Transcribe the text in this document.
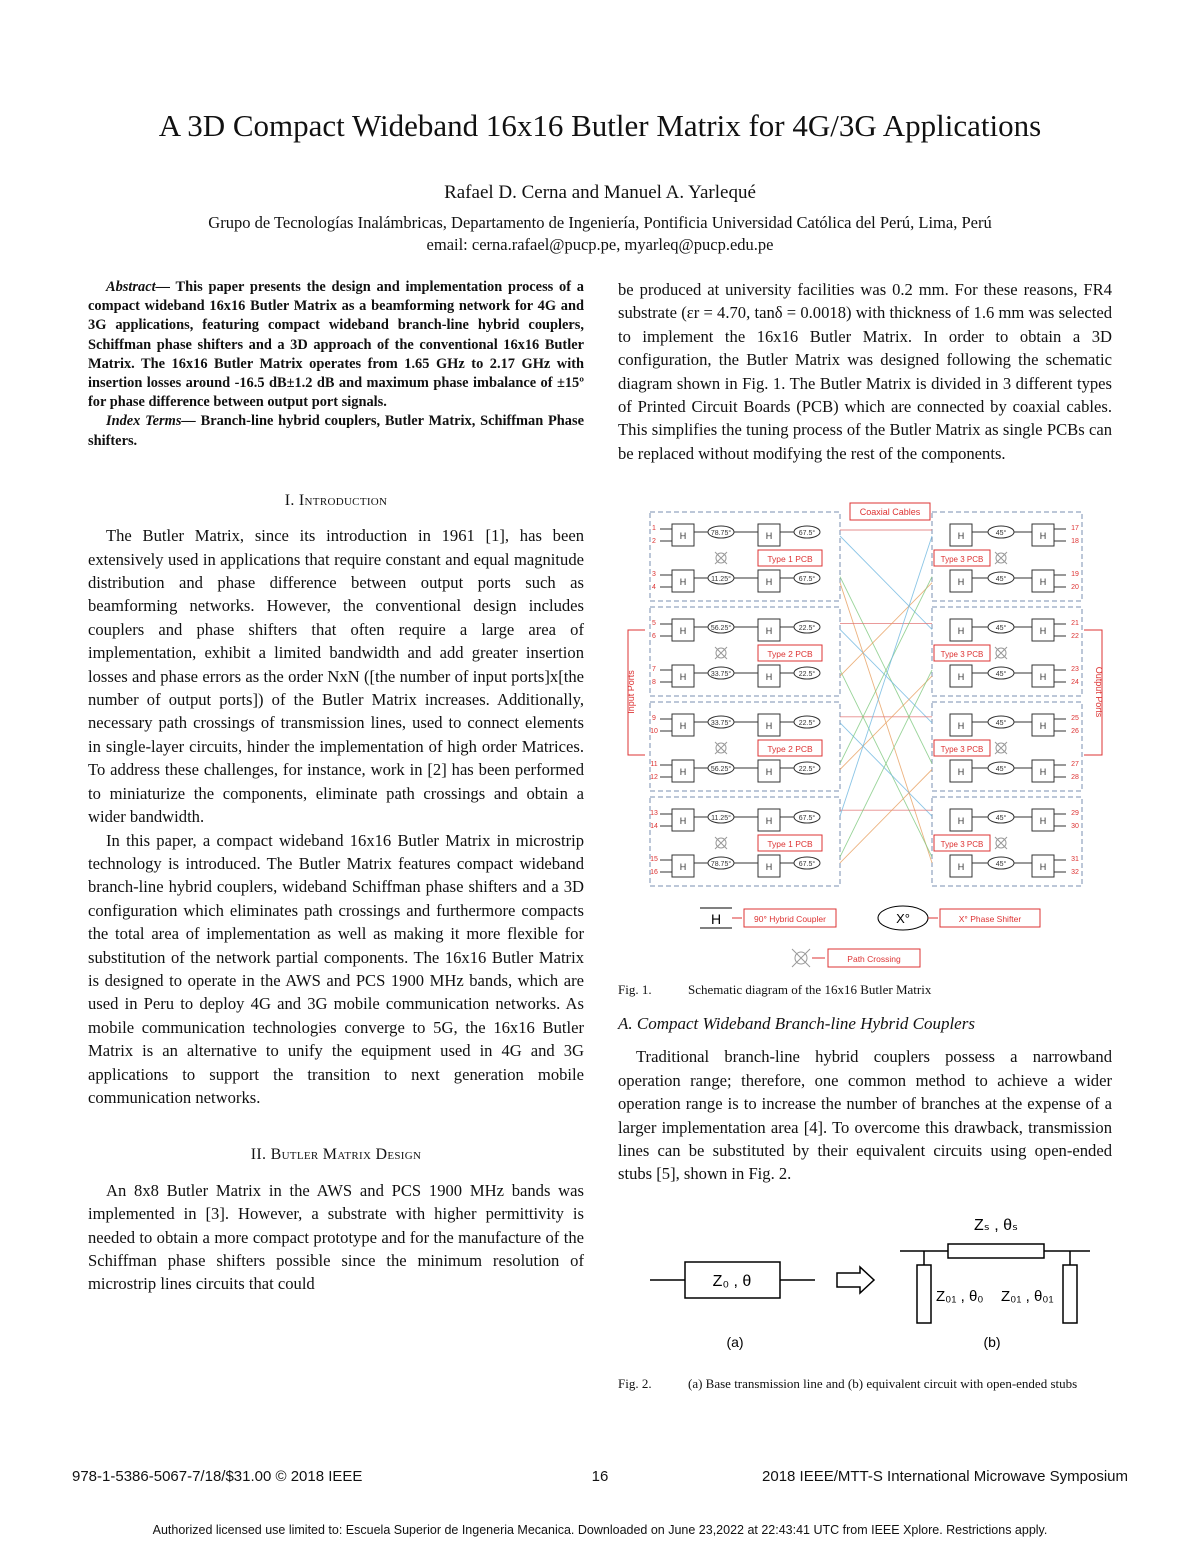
A 3D Compact Wideband 16x16 Butler Matrix for 4G/3G Applications
Rafael D. Cerna and Manuel A. Yarlequé
Grupo de Tecnologías Inalámbricas, Departamento de Ingeniería, Pontificia Universidad Católica del Perú, Lima, Perú
email: cerna.rafael@pucp.pe, myarleq@pucp.edu.pe

Abstract— This paper presents the design and implementation process of a compact wideband 16x16 Butler Matrix as a beamforming network for 4G and 3G applications, featuring compact wideband branch-line hybrid couplers, Schiffman phase shifters and a 3D approach of the conventional 16x16 Butler Matrix. The 16x16 Butler Matrix operates from 1.65 GHz to 2.17 GHz with insertion losses around -16.5 dB±1.2 dB and maximum phase imbalance of ±15º for phase difference between output port signals.

Index Terms— Branch-line hybrid couplers, Butler Matrix, Schiffman Phase shifters.

I. Introduction

The Butler Matrix, since its introduction in 1961 [1], has been extensively used in applications that require constant and equal magnitude distribution and phase difference between output ports such as beamforming networks. However, the conventional design includes couplers and phase shifters that often require a large area of implementation, exhibit a limited bandwidth and add greater insertion losses and phase errors as the order NxN ([the number of input ports]x[the number of output ports]) of the Butler Matrix increases. Additionally, necessary path crossings of transmission lines, used to connect elements in single-layer circuits, hinder the implementation of high order Matrices. To address these challenges, for instance, work in [2] has been performed to miniaturize the components, eliminate path crossings and obtain a wider bandwidth.

In this paper, a compact wideband 16x16 Butler Matrix in microstrip technology is introduced. The Butler Matrix features compact wideband branch-line hybrid couplers, wideband Schiffman phase shifters and a 3D configuration which eliminates path crossings and furthermore compacts the total area of implementation as well as making it more flexible for substitution of the network partial components. The 16x16 Butler Matrix is designed to operate in the AWS and PCS 1900 MHz bands, which are used in Peru to deploy 4G and 3G mobile communication networks. As mobile communication technologies converge to 5G, the 16x16 Butler Matrix is an alternative to unify the equipment used in 4G and 3G applications to support the transition to next generation mobile communication networks.

II. Butler Matrix Design

An 8x8 Butler Matrix in the AWS and PCS 1900 MHz bands was implemented in [3]. However, a substrate with higher permittivity is needed to obtain a more compact prototype and for the manufacture of the Schiffman phase shifters possible since the minimum resolution of microstrip lines circuits that could

be produced at university facilities was 0.2 mm. For these reasons, FR4 substrate (εr = 4.70, tanδ = 0.0018) with thickness of 1.6 mm was selected to implement the 16x16 Butler Matrix. In order to obtain a 3D configuration, the Butler Matrix was designed following the schematic diagram shown in Fig. 1. The Butler Matrix is divided in 3 different types of Printed Circuit Boards (PCB) which are connected by coaxial cables. This simplifies the tuning process of the Butler Matrix as single PCBs can be replaced without modifying the rest of the components.

H
1
2
78.75°	H	67.5°	H	45°	H
17
18
H
3
4
11.25°	H	67.5°	H	45°	H
19
20
Type 1 PCB	Type 3 PCB
H
5
6
56.25°	H	22.5°	H	45°	H
21
22
H
7
8
33.75°	H	22.5°	H	45°	H
23
24
Type 2 PCB	Type 3 PCB
H
9
10
33.75°	H	22.5°	H	45°	H
25
26
H
11
12
56.25°	H	22.5°	H	45°	H
27
28
Type 2 PCB	Type 3 PCB
H
13
14
11.25°	H	67.5°	H	45°	H
29
30
H
15
16
78.75°	H	67.5°	H	45°	H
31
32
Type 1 PCB	Type 3 PCB
Coaxial Cables
Input Ports	Output Ports
H	90° Hybrid Coupler	X°	X° Phase Shifter
Path Crossing
Fig. 1.	Schematic diagram of the 16x16 Butler Matrix

A. Compact Wideband Branch-line Hybrid Couplers

Traditional branch-line hybrid couplers possess a narrowband operation range; therefore, one common method to achieve a wider operation range is to increase the number of branches at the expense of a larger implementation area [4]. To overcome this drawback, transmission lines can be substituted by their equivalent circuits using open-ended stubs [5], shown in Fig. 2.

Z₀ , θ
Zₛ , θₛ
Z₀₁ , θ₀ Z₀₁ , θ₀₁
(a)	(b)
Fig. 2.	(a) Base transmission line and (b) equivalent circuit with open-ended stubs
978-1-5386-5067-7/18/$31.00 © 2018 IEEE	16	2018 IEEE/MTT-S International Microwave Symposium
Authorized licensed use limited to: Escuela Superior de Ingeneria Mecanica. Downloaded on June 23,2022 at 22:43:41 UTC from IEEE Xplore. Restrictions apply.
